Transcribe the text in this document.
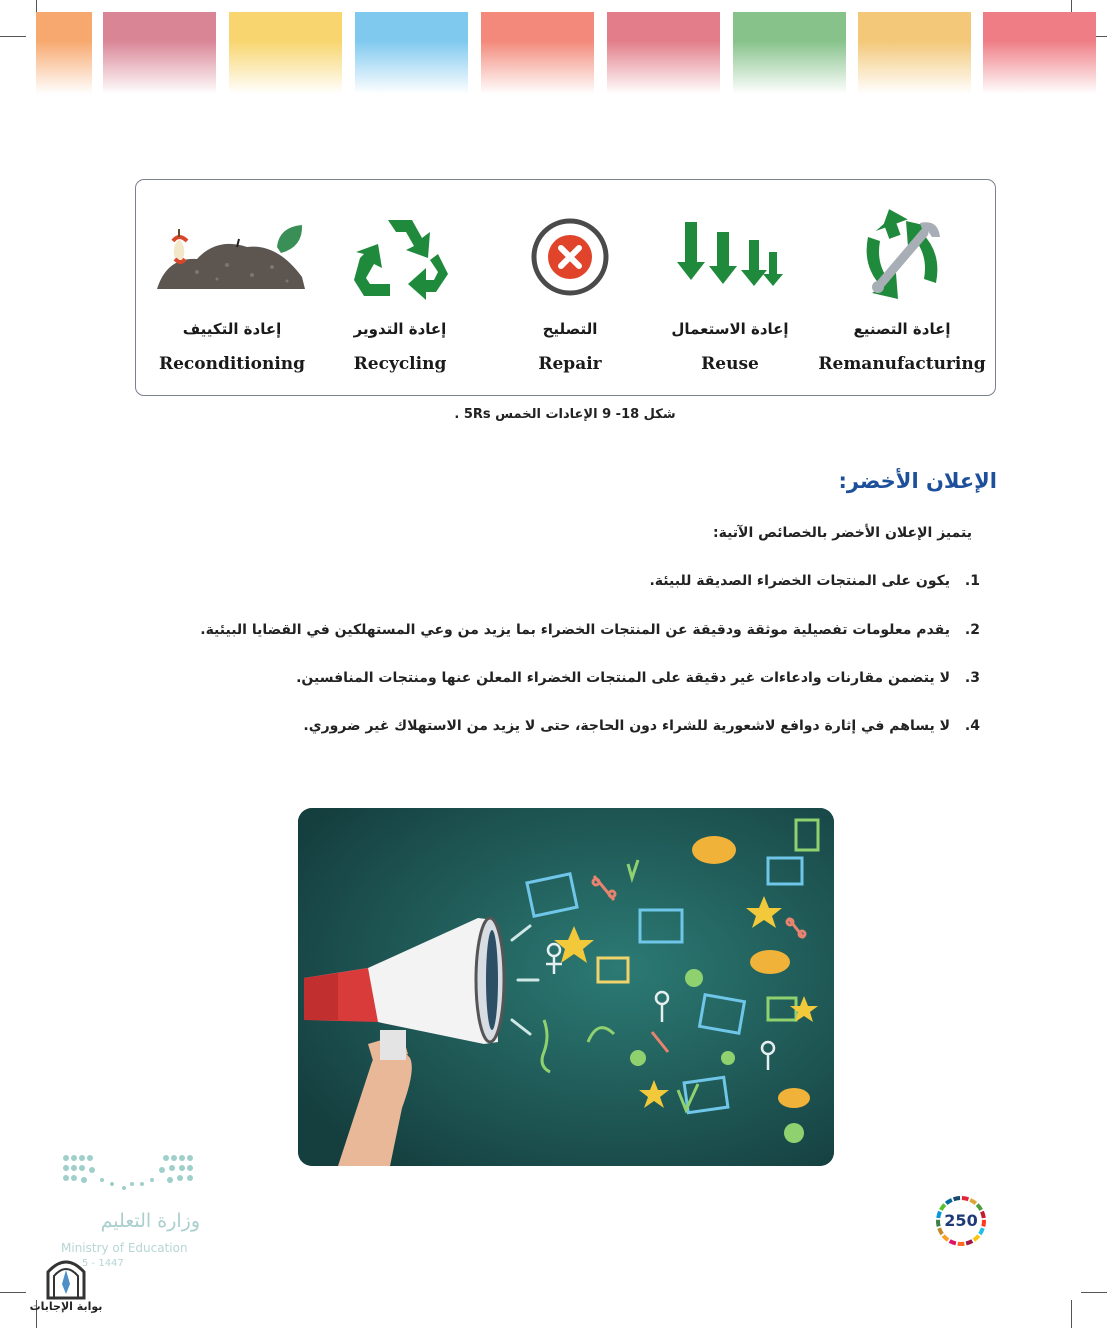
إعادة التكييف
Reconditioning
إعادة التدوير
Recycling
التصليح
Repair
إعادة الاستعمال
Reuse
إعادة التصنيع
Remanufacturing
شكل 18- 9 الإعادات الخمس 5Rs .
الإعلان الأخضر:
يتميز الإعلان الأخضر بالخصائص الآتية:
1.يكون على المنتجات الخضراء الصديقة للبيئة.
2.يقدم معلومات تفصيلية موثقة ودقيقة عن المنتجات الخضراء بما يزيد من وعي المستهلكين في القضايا البيئية.
3.لا يتضمن مقارنات وادعاءات غير دقيقة على المنتجات الخضراء المعلن عنها ومنتجات المنافسين.
4.لا يساهم في إثارة دوافع لاشعورية للشراء دون الحاجة، حتى لا يزيد من الاستهلاك غير ضروري.
وزارة التعليم
Ministry of Education
5 - 1447
بوابة الإجابات
250
